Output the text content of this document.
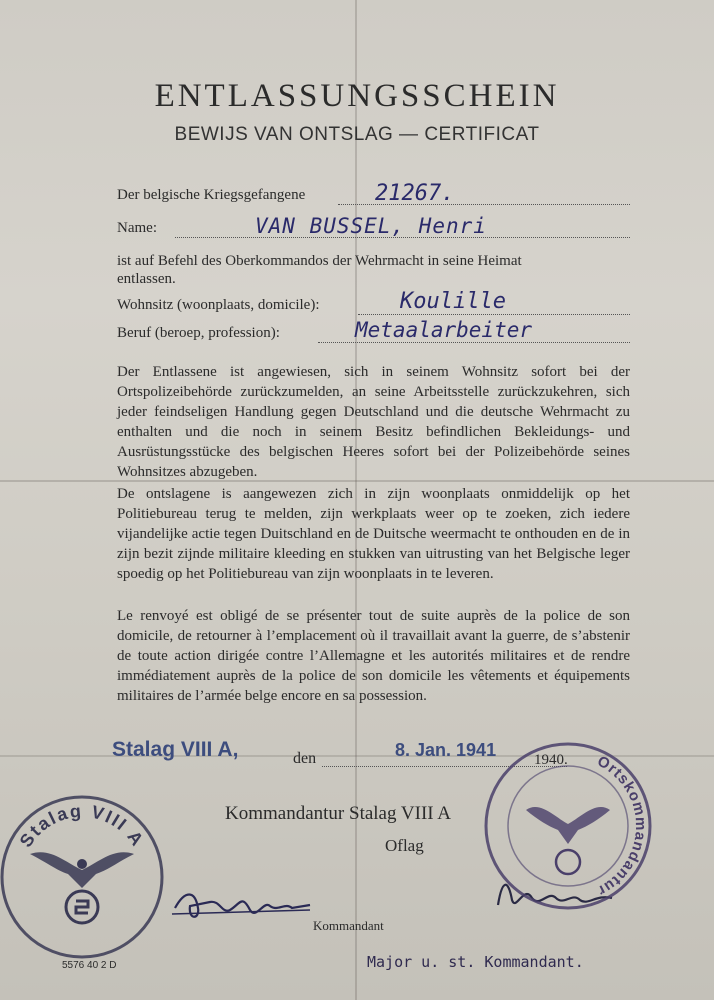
ENTLASSUNGSSCHEIN
BEWIJS VAN ONTSLAG — CERTIFICAT
Der belgische Kriegsgefangene	21267.
Name:	VAN BUSSEL, Henri
ist auf Befehl des Oberkommandos der Wehrmacht in seine Heimat
entlassen.
Wohnsitz (woonplaats, domicile):	Koulille
Beruf (beroep, profession):	Metaalarbeiter
Der Entlassene ist angewiesen, sich in seinem Wohnsitz sofort bei der Ortspolizeibehörde zurückzumelden, an seine Arbeitsstelle zurückzukehren, sich jeder feindseligen Handlung gegen Deutschland und die deutsche Wehrmacht zu enthalten und die noch in seinem Besitz befindlichen Bekleidungs- und Ausrüstungsstücke des belgischen Heeres sofort bei der Polizeibehörde seines Wohnsitzes abzugeben.
De ontslagene is aangewezen zich in zijn woonplaats onmiddelijk op het Politiebureau terug te melden, zijn werkplaats weer op te zoeken, zich iedere vijandelijke actie tegen Duitschland en de Duitsche weermacht te onthouden en de in zijn bezit zijnde militaire kleeding en stukken van uitrusting van het Belgische leger spoedig op het Politiebureau van zijn woonplaats in te leveren.
Le renvoyé est obligé de se présenter tout de suite auprès de la police de son domicile, de retourner à l’emplacement où il travaillait avant la guerre, de s’abstenir de toute action dirigée contre l’Allemagne et les autorités militaires et de rendre immédiatement auprès de la police de son domicile les vêtements et équipements militaires de l’armée belge encore en sa possession.
Stalag VIII A,	den	8. Jan. 1941	1940.
Kommandantur Stalag VIII A
Oflag
Kommandant
Major u. st. Kommandant.
5576 40 2 D
Stalag VIII A
Ortskommandantur
